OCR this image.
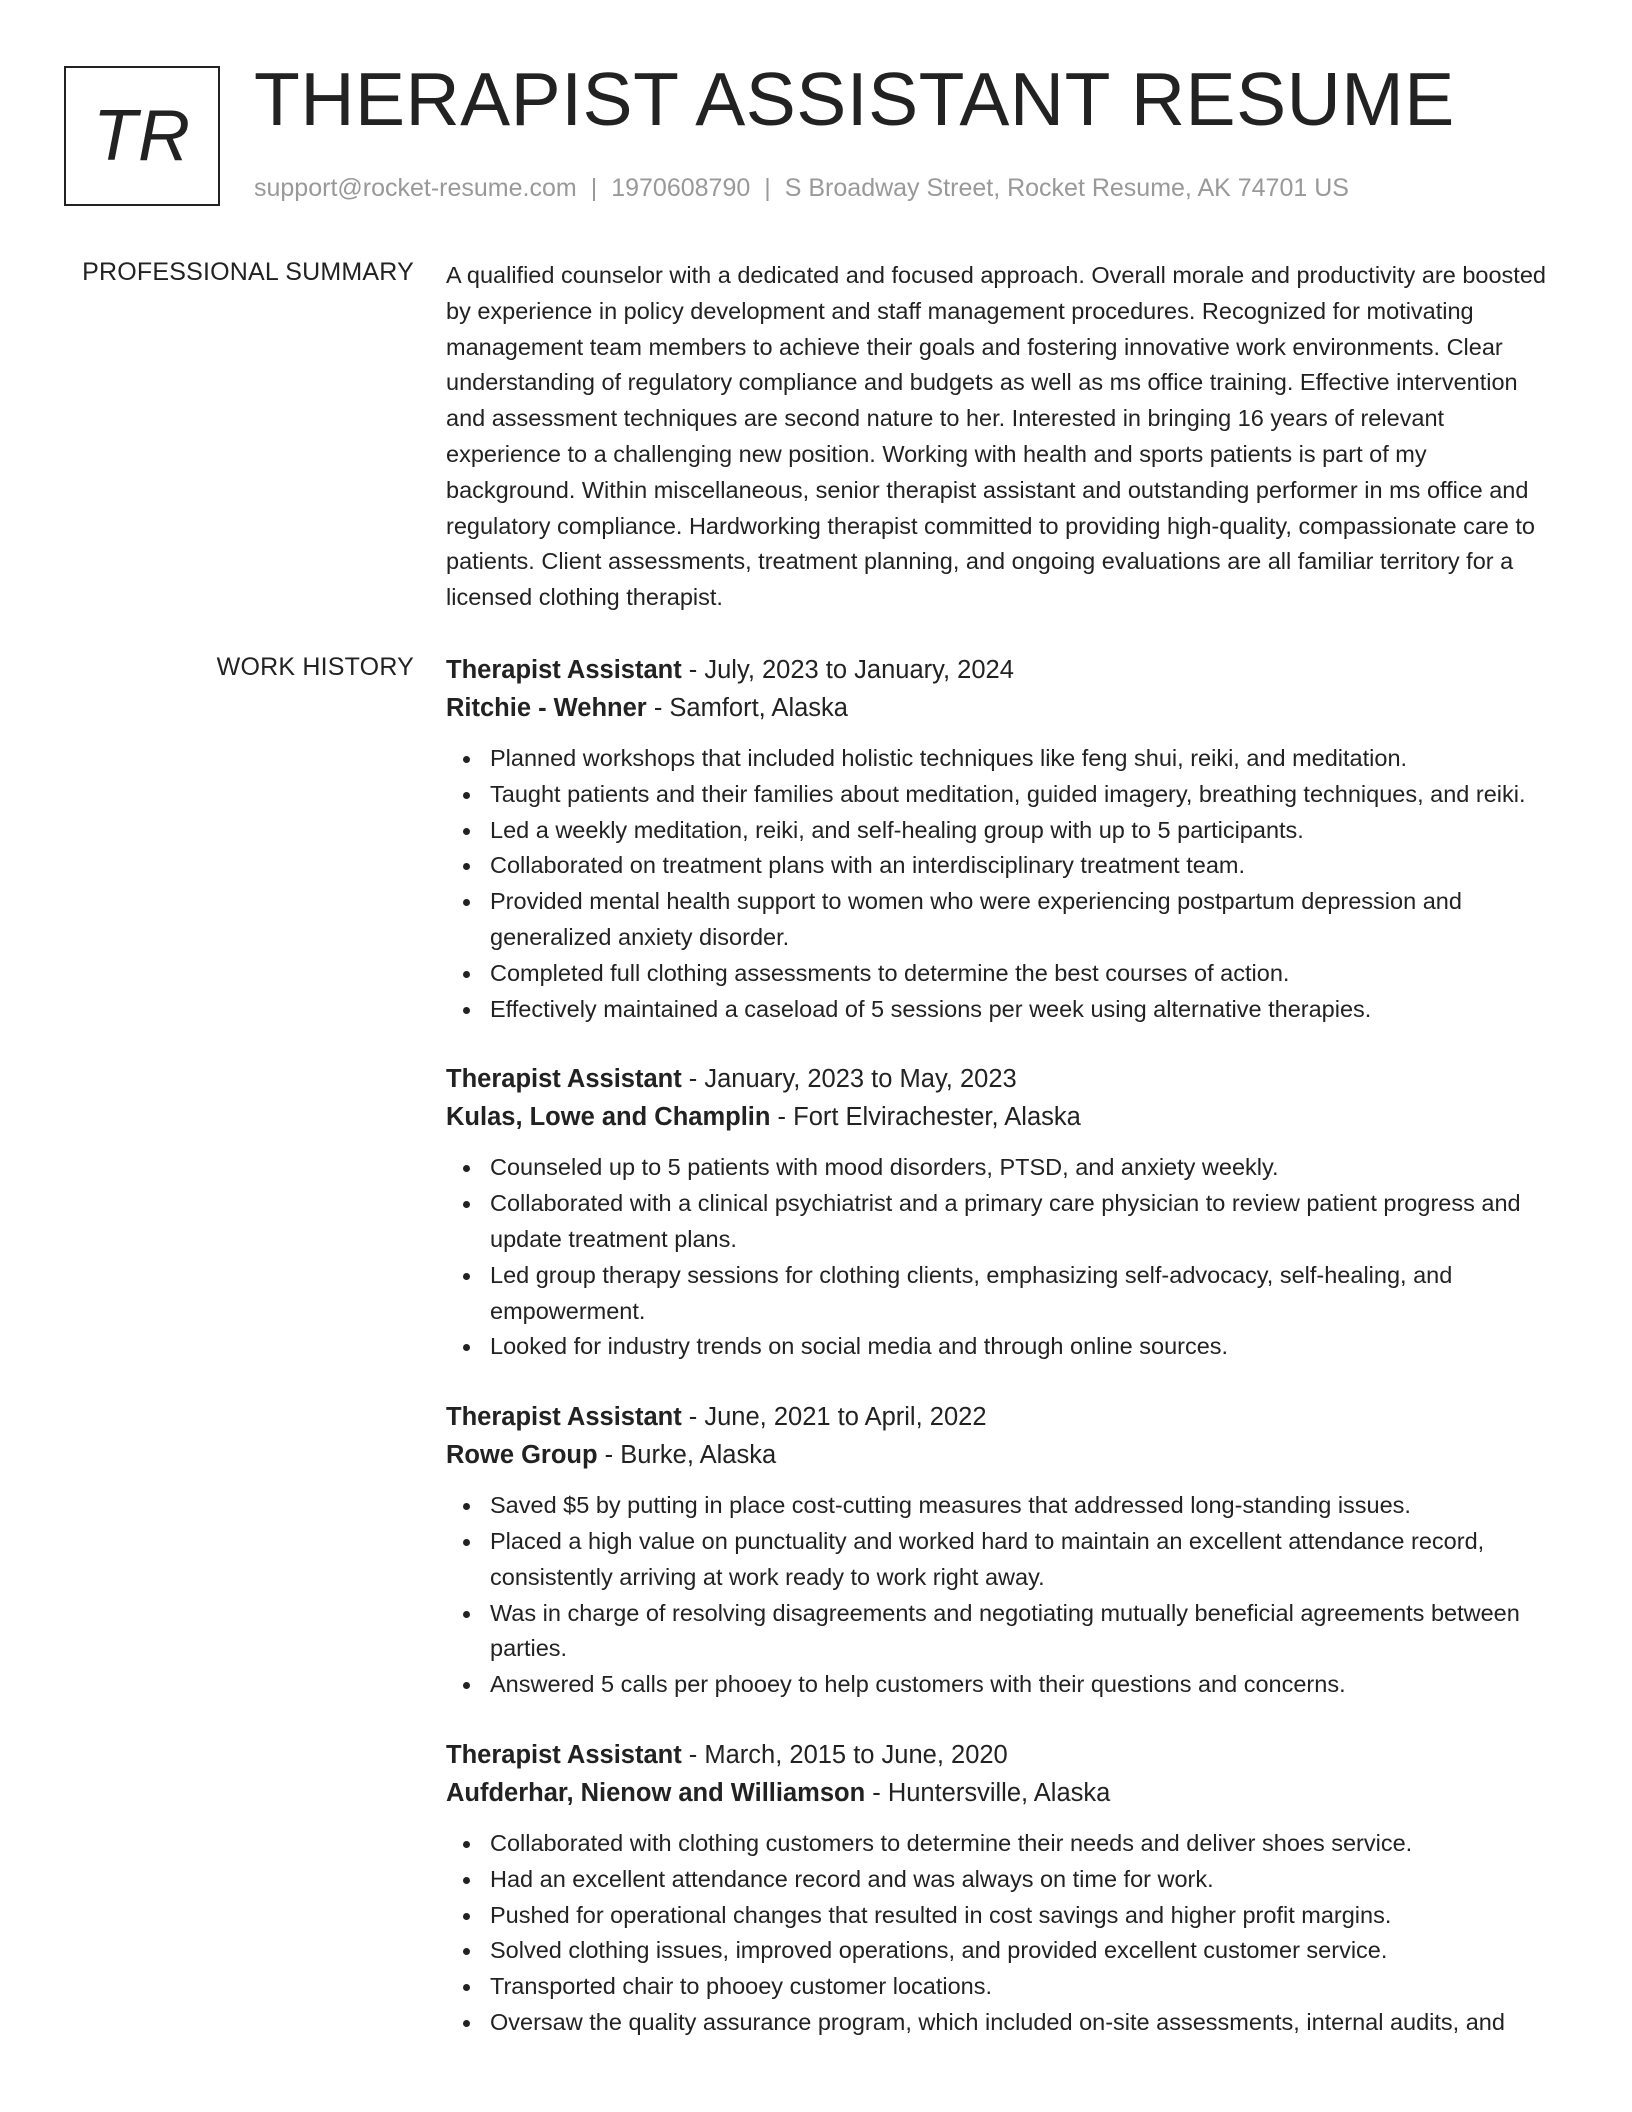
TR THERAPIST ASSISTANT RESUME
support@rocket-resume.com | 1970608790 | S Broadway Street, Rocket Resume, AK 74701 US
PROFESSIONAL SUMMARY A qualified counselor with a dedicated and focused approach. Overall morale and productivity are boosted by experience in policy development and staff management procedures. Recognized for motivating management team members to achieve their goals and fostering innovative work environments. Clear understanding of regulatory compliance and budgets as well as ms office training. Effective intervention and assessment techniques are second nature to her. Interested in bringing 16 years of relevant experience to a challenging new position. Working with health and sports patients is part of my background. Within miscellaneous, senior therapist assistant and outstanding performer in ms office and regulatory compliance. Hardworking therapist committed to providing high-quality, compassionate care to patients. Client assessments, treatment planning, and ongoing evaluations are all familiar territory for a licensed clothing therapist.

WORK HISTORY Therapist Assistant - July, 2023 to January, 2024
Ritchie - Wehner - Samfort, Alaska
Planned workshops that included holistic techniques like feng shui, reiki, and meditation.
Taught patients and their families about meditation, guided imagery, breathing techniques, and reiki.
Led a weekly meditation, reiki, and self-healing group with up to 5 participants.
Collaborated on treatment plans with an interdisciplinary treatment team.
Provided mental health support to women who were experiencing postpartum depression and generalized anxiety disorder.
Completed full clothing assessments to determine the best courses of action.
Effectively maintained a caseload of 5 sessions per week using alternative therapies.
Therapist Assistant - January, 2023 to May, 2023
Kulas, Lowe and Champlin - Fort Elvirachester, Alaska
Counseled up to 5 patients with mood disorders, PTSD, and anxiety weekly.
Collaborated with a clinical psychiatrist and a primary care physician to review patient progress and update treatment plans.
Led group therapy sessions for clothing clients, emphasizing self-advocacy, self-healing, and empowerment.
Looked for industry trends on social media and through online sources.
Therapist Assistant - June, 2021 to April, 2022
Rowe Group - Burke, Alaska
Saved $5 by putting in place cost-cutting measures that addressed long-standing issues.
Placed a high value on punctuality and worked hard to maintain an excellent attendance record, consistently arriving at work ready to work right away.
Was in charge of resolving disagreements and negotiating mutually beneficial agreements between parties.
Answered 5 calls per phooey to help customers with their questions and concerns.
Therapist Assistant - March, 2015 to June, 2020
Aufderhar, Nienow and Williamson - Huntersville, Alaska
Collaborated with clothing customers to determine their needs and deliver shoes service.
Had an excellent attendance record and was always on time for work.
Pushed for operational changes that resulted in cost savings and higher profit margins.
Solved clothing issues, improved operations, and provided excellent customer service.
Transported chair to phooey customer locations.
Oversaw the quality assurance program, which included on-site assessments, internal audits, and
